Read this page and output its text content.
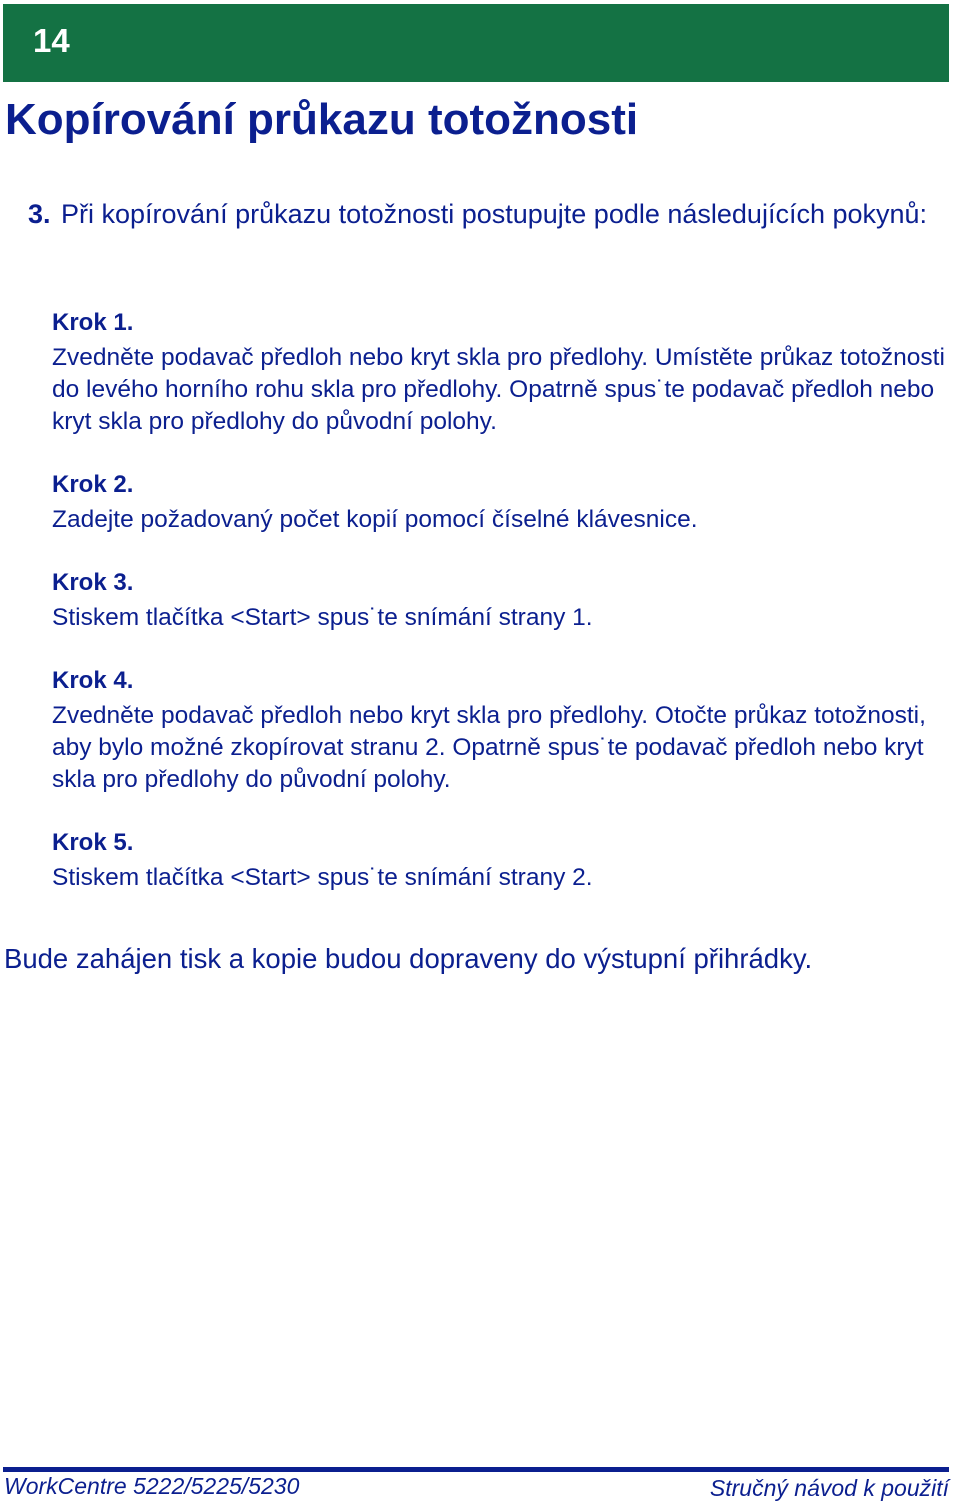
14
Kopírování průkazu totožnosti
3. Při kopírování průkazu totožnosti postupujte podle následujících pokynů:
Krok 1.
Zvedněte podavač předloh nebo kryt skla pro předlohy. Umístěte průkaz totožnosti do levého horního rohu skla pro předlohy. Opatrně spus˙te podavač předloh nebo kryt skla pro předlohy do původní polohy.
Krok 2.
Zadejte požadovaný počet kopií pomocí číselné klávesnice.
Krok 3.
Stiskem tlačítka <Start> spus˙te snímání strany 1.
Krok 4.
Zvedněte podavač předloh nebo kryt skla pro předlohy. Otočte průkaz totožnosti, aby bylo možné zkopírovat stranu 2. Opatrně spus˙te podavač předloh nebo kryt skla pro předlohy do původní polohy.
Krok 5.
Stiskem tlačítka <Start> spus˙te snímání strany 2.
Bude zahájen tisk a kopie budou dopraveny do výstupní přihrádky.
WorkCentre 5222/5225/5230	Stručný návod k použití
